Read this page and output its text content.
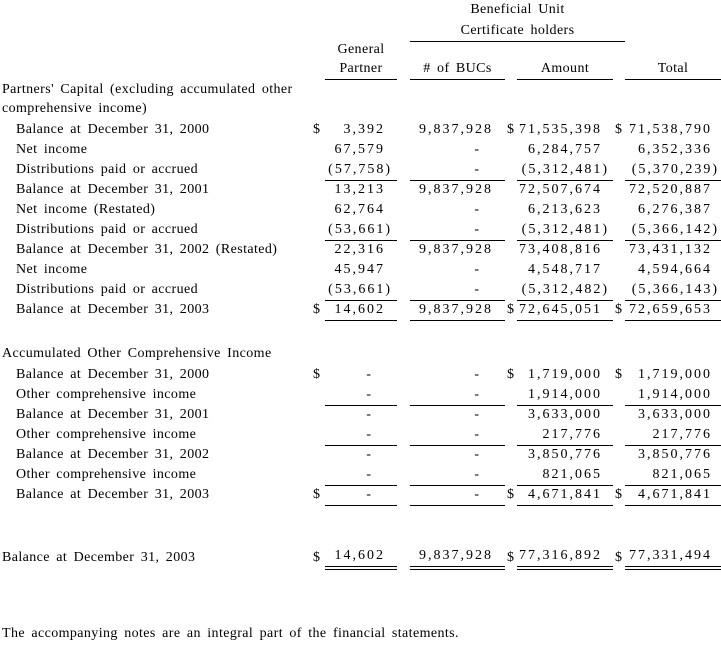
				Beneficial Unit				
				Certificate holders				
		General						
		Partner		# of BUCs		Amount		Total

Partners' Capital (excluding accumulated other
comprehensive income)								

Balance at December 31, 2000	$	3,392		9,837,928	$	71,535,398	$	71,538,790
Net income		67,579		-		6,284,757		6,352,336
Distributions paid or accrued		(57,758)		-		(5,312,481)		(5,370,239)
Balance at December 31, 2001		13,213		9,837,928		72,507,674		72,520,887
Net income (Restated)		62,764		-		6,213,623		6,276,387
Distributions paid or accrued		(53,661)		-		(5,312,481)		(5,366,142)
Balance at December 31, 2002 (Restated)		22,316		9,837,928		73,408,816		73,431,132
Net income		45,947		-		4,548,717		4,594,664
Distributions paid or accrued		(53,661)		-		(5,312,482)		(5,366,143)
Balance at December 31, 2003	$	14,602		9,837,928	$	72,645,051	$	72,659,653

Accumulated Other Comprehensive Income								

Balance at December 31, 2000	$	-		-	$	1,719,000	$	1,719,000
Other comprehensive income		-		-		1,914,000		1,914,000
Balance at December 31, 2001		-		-		3,633,000		3,633,000
Other comprehensive income		-		-		217,776		217,776
Balance at December 31, 2002		-		-		3,850,776		3,850,776
Other comprehensive income		-		-		821,065		821,065
Balance at December 31, 2003	$	-		-	$	4,671,841	$	4,671,841

Balance at December 31, 2003	$	14,602		9,837,928	$	77,316,892	$	77,331,494
The accompanying notes are an integral part of the financial statements.
